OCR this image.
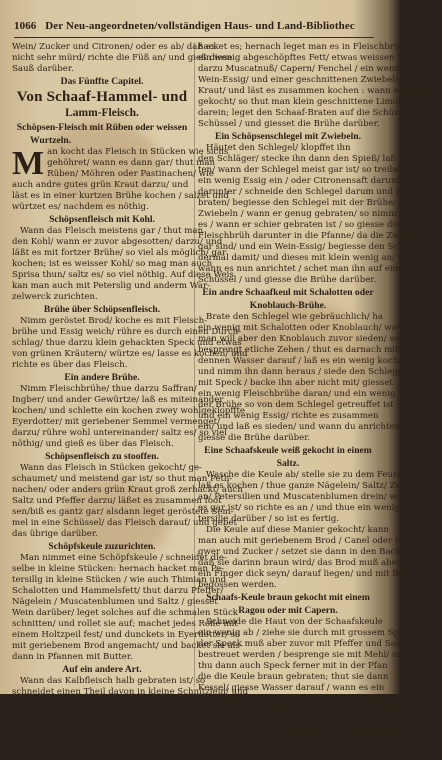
1066 Der Neu-angeordneten/vollständigen Haus- und Land-Bibliothec
Wein/ Zucker und Citronen/ oder es ab/ daß es
nicht sehr mürd/ richte die Füß an/ und gieß diese
Sauß darüber.
Das Fünffte Capitel.
Von Schaaf-Hammel- und
Lamm-Fleisch.
Schöpsen-Fleisch mit Rüben oder weissen
Wurtzeln.
M an kocht das Fleisch in Stücken wie sichs
gehöhret/ wann es dann gar/ thut man
Rüben/ Möhren oder Pastinachen/ wie
auch andre gutes grün Kraut darzu/ und
läst es in einer kurtzen Brühe kochen / salzet und
würtzet es/ nachdem es nöthig.
Schöpsenfleisch mit Kohl.
Wann das Fleisch meistens gar / thut man
den Kohl/ wann er zuvor abgesotten/ darzu/ und
läßt es mit fortzer Brühe/ so viel als möglich/ gar
kochen; ist es weisser Kohl/ so mag man auch
Sprisa thun/ saltz es/ so viel nöthig. Auf diese Weis
kan man auch mit Peterslig und anderm War-
zelwerck zurichten.
Brühe über Schöpsenfleisch.
Nimm geröstet Brod/ koche es mit Fleisch-
brühe und Essig weich/ rühre es durch einen Durch-
schlag/ thue darzu klein gehackten Speck und etwas
von grünen Kräutern/ würtze es/ lasse es kochen/ und
richte es über das Fleisch.
Ein andere Brühe.
Nimm Fleischbrühe/ thue darzu Saffran/
Ingber/ und ander Gewürtze/ laß es miteinander
kochen/ und schlette ein kochen zwey wohlgeklopffte
Eyerdotter/ mit geriebener Semmel vermenget/
darzu/ rühre wohl untereinander/ saltz es/ so viel
nöthig/ und gieß es über das Fleisch.
Schöpsenfleisch zu stooffen.
Wann das Fleisch in Stücken gekocht/ ge-
schaumet/ und meistend gar ist/ so thut man Petli-
nachen/ oder anders grün Kraut groß zerhackt/ auch
Saltz und Pfeffer darzu/ läßet es zusammen foot
sen/biß es gantz gar/ alsdann leget geröstete Sem-
mel in eine Schüssel/ das Fleisch darauf/ und gebet
das übrige darüber.
Schöpfskeule zuzurichten.
Man nimmet eine Schöpfskeule / schneidet die-
selbe in kleine Stücken: hernach hacket man Pe-
tersillg in kleine Stücken / wie auch Thimian und
Schalotten und Hammelsfett/ thut darzu Pfeffer/
Nägelein / Muscatenblumen und Saltz / giesset
Wein darüber/ leget solches auf die schmalen Stück
schnitten/ und rollet sie auf; machet jedes Rolle mit
einem Holtzpeil fest/ und dunckets in Eyerdotter/ so
mit geriebenem Brod angemacht/ und backet sie als-
dann in Pfannen mit Butter.
Auf ein andere Art.
Wann das Kalbfleisch halb gebraten ist/ so
schneidet einen Theil davon in kleine Schnitzlein/ und
hacket es; hernach leget man es in Fleischbrühe/
ein wenig abgeschöpftes Fett/ etwas weissen Wein/ thut
darzu Muscatnuß/ Capern/ Fenchel / ein wenig
Wein-Essig/ und einer geschnittenen Zwiebel/ grün
Kraut/ und läst es zusammen kochen : wann es genug
gekocht/ so thut man klein geschnittene Limonen
darein; leget den Schaaf-Braten auf die Schüssel/ und
Schüssel / und giesset die Brühe darüber.
Ein Schöpsenschlegel mit Zwiebeln.
Häutet den Schlegel/ klopffet ihn
den Schläger/ stecke ihn dann den Spieß/ laß ihn bra-
ten/ wann der Schlegel meist gar ist/ so treibe ihn
ein wenig Essig ein / oder Citronensaft darunter/
darunter / schneide den Schlegel darum und gib ihn
braten/ begiesse den Schlegel mit der Brühe/ ob
Zwiebeln / wann er genug gebraten/ so nimm
es / wann er schier gebraten ist / so giesse die von
Fleischbrüh darunter in die Pfanne/ da die Zwiebel
gar sind/ und ein Wein-Essig/ begiesse den Schlegel
dermal damit/ und dieses mit klein wenig an/ und
wann es nun anrichtet / schet man ihn auf eine
Schüssel / und giesse die Brühe darüber.
Ein andre Schaafkeul mit Schalotten oder
Knoblauch-Brühe.
Brate den Schlegel wie gebräuchlich/ ha
ein wenig mit Schalotten oder Knoblauch/ wann
man will aber den Knoblauch zuvor sieden/ so
besprengt etliche Zehen / thut es darnach mit
dennen Wasser darauf / laß es ein wenig kochen/
und nimm ihn dann heraus / siede den Schlege
mit Speck / backe ihn aber nicht mit/ giesset
ein wenig Fleischbrühe daran/ und ein wenig
der Brühe so von dem Schlegel getreuffet ist
und ein wenig Essig/ richte es zusammen
ein/ und laß es sieden/ und wann du anrichten
giesse die Brühe darüber.
Eine Schaafskeule weiß gekocht in einem
Saltz.
Wasche die Keule ab/ stelle sie zu dem Feur/
laß es kochen / thue ganze Nägelein/ Saltz/ Zwi-
an/ Petersilien und Muscatenblumen drein/ wann
es gar ist/ so richte es an / und thue ein wenig Pe-
tersilie darüber / so ist es fertig.
Die Keule auf diese Manier gekocht/ kann
man auch mit geriebenem Brod / Canel oder In-
gwer und Zucker / setzet sie dann in den Back Ofen/
daß sie darinn braun wird/ das Brod muß aber fein
ein Finger dick seyn/ darauf liegen/ und mit Butter
begossen werden.
Schaafs-Keule braun gekocht mit einem
Ragou oder mit Capern.
Schneide die Haut von der Schaafskeule
ein wenig ab / ziehe sie durch mit grossem Speck/
der Speck muß aber zuvor mit Pfeffer und Saltz
bestreuet werden / besprenge sie mit Mehl/ und
thu dann auch Speck ferner mit in der Pfan
die die Keule braun gebraten; thut sie dann
Kessel/ giesse Wasser darauf / wann es ein
den gebratenen Speck in einer Topff/ nebenst ein
wenig Nägelein/ Muscatenblumen/ Saltz und Zwie-
Sellerie/ etwas Butter/ setzet es in der Pfann
einen Ragou darzu / und thu dann Carbonaden
Topff/ und giesse von der Suppe / worinn die Keule
gekocht/ darauf / laß es einmal durchkochen/ richte sie
